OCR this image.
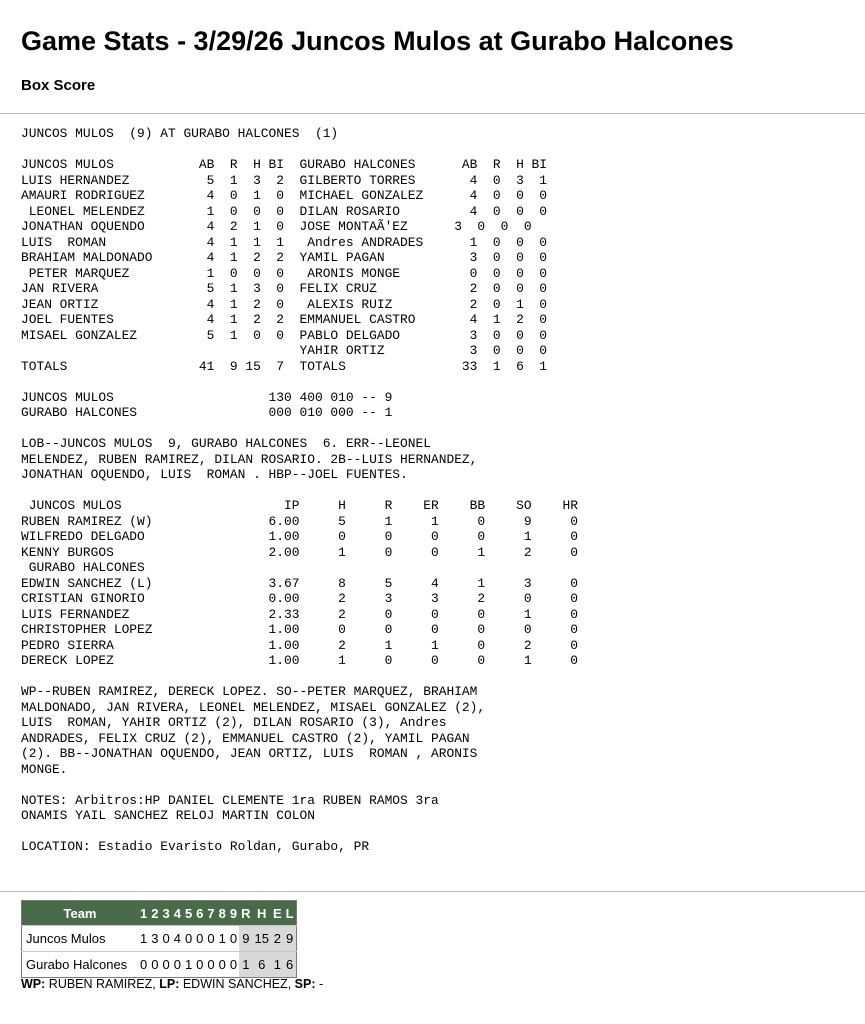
Game Stats - 3/29/26 Juncos Mulos at Gurabo Halcones
Box Score
JUNCOS MULOS  (9) AT GURABO HALCONES  (1)

JUNCOS MULOS           AB  R  H BI  GURABO HALCONES      AB  R  H BI
LUIS HERNANDEZ          5  1  3  2  GILBERTO TORRES       4  0  3  1
AMAURI RODRIGUEZ        4  0  1  0  MICHAEL GONZALEZ      4  0  0  0
LEONEL MELENDEZ        1  0  0  0  DILAN ROSARIO         4  0  0  0
JONATHAN OQUENDO        4  2  1  0  JOSE MONTAÃ'EZ      3  0  0  0
LUIS  ROMAN             4  1  1  1   Andres ANDRADES      1  0  0  0
BRAHIAM MALDONADO       4  1  2  2  YAMIL PAGAN           3  0  0  0
PETER MARQUEZ          1  0  0  0   ARONIS MONGE         0  0  0  0
JAN RIVERA              5  1  3  0  FELIX CRUZ            2  0  0  0
JEAN ORTIZ              4  1  2  0   ALEXIS RUIZ          2  0  1  0
JOEL FUENTES            4  1  2  2  EMMANUEL CASTRO       4  1  2  0
MISAEL GONZALEZ         5  1  0  0  PABLO DELGADO         3  0  0  0
YAHIR ORTIZ           3  0  0  0
TOTALS                 41  9 15  7  TOTALS               33  1  6  1

JUNCOS MULOS                    130 400 010 -- 9
GURABO HALCONES                 000 010 000 -- 1

LOB--JUNCOS MULOS  9, GURABO HALCONES  6. ERR--LEONEL
MELENDEZ, RUBEN RAMIREZ, DILAN ROSARIO. 2B--LUIS HERNANDEZ,
JONATHAN OQUENDO, LUIS  ROMAN . HBP--JOEL FUENTES.

JUNCOS MULOS                     IP     H     R    ER    BB    SO    HR
RUBEN RAMIREZ (W)               6.00     5     1     1     0     9     0
WILFREDO DELGADO                1.00     0     0     0     0     1     0
KENNY BURGOS                    2.00     1     0     0     1     2     0
GURABO HALCONES
EDWIN SANCHEZ (L)               3.67     8     5     4     1     3     0
CRISTIAN GINORIO                0.00     2     3     3     2     0     0
LUIS FERNANDEZ                  2.33     2     0     0     0     1     0
CHRISTOPHER LOPEZ               1.00     0     0     0     0     0     0
PEDRO SIERRA                    1.00     2     1     1     0     2     0
DERECK LOPEZ                    1.00     1     0     0     0     1     0

WP--RUBEN RAMIREZ, DERECK LOPEZ. SO--PETER MARQUEZ, BRAHIAM
MALDONADO, JAN RIVERA, LEONEL MELENDEZ, MISAEL GONZALEZ (2),
LUIS  ROMAN, YAHIR ORTIZ (2), DILAN ROSARIO (3), Andres
ANDRADES, FELIX CRUZ (2), EMMANUEL CASTRO (2), YAMIL PAGAN
(2). BB--JONATHAN OQUENDO, JEAN ORTIZ, LUIS  ROMAN , ARONIS
MONGE.

NOTES: Arbitros:HP DANIEL CLEMENTE 1ra RUBEN RAMOS 3ra
ONAMIS YAIL SANCHEZ RELOJ MARTIN COLON

LOCATION: Estadio Evaristo Roldan, Gurabo, PR

Team	1	2	3	4	5	6	7	8	9	R	H	E	L
Juncos Mulos	1	3	0	4	0	0	0	1	0	9	15	2	9
Gurabo Halcones	0	0	0	0	1	0	0	0	0	1	6	1	6
WP: RUBEN RAMIREZ, LP: EDWIN SANCHEZ, SP: -
